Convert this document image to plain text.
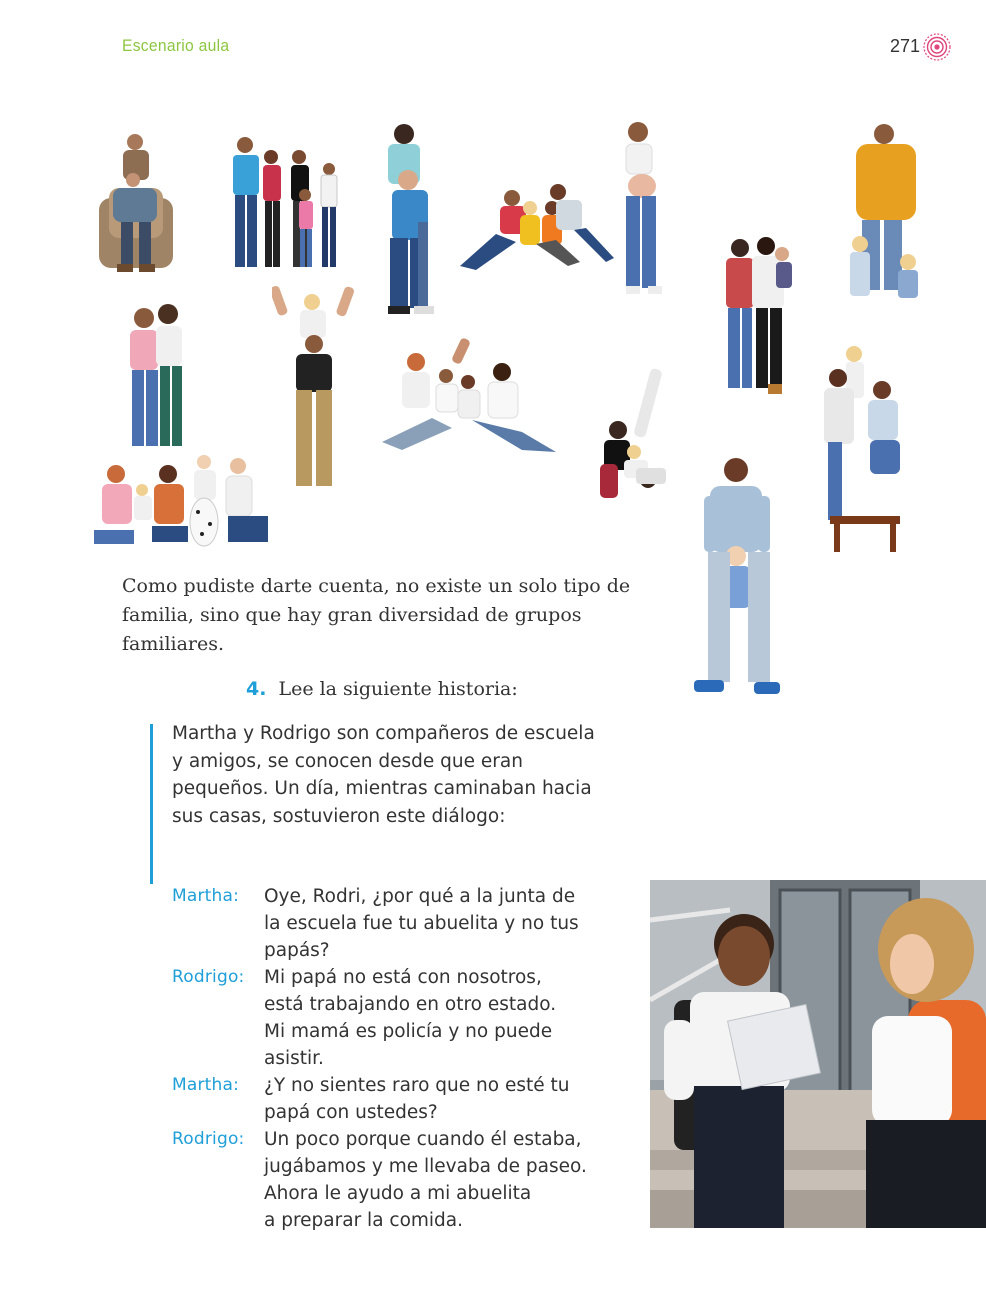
Escenario aula	271
Como pudiste darte cuenta, no existe un solo tipo de familia, sino que hay gran diversidad de grupos familiares.
4. Lee la siguiente historia:
Martha y Rodrigo son compañeros de escuela y amigos, se conocen desde que eran pequeños. Un día, mientras caminaban hacia sus casas, sostuvieron este diálogo:
Martha:	Oye, Rodri, ¿por qué a la junta de
la escuela fue tu abuelita y no tus
papás?
Rodrigo:	Mi papá no está con nosotros,
está trabajando en otro estado.
Mi mamá es policía y no puede
asistir.
Martha:	¿Y no sientes raro que no esté tu
papá con ustedes?
Rodrigo:	Un poco porque cuando él estaba,
jugábamos y me llevaba de paseo.
Ahora le ayudo a mi abuelita
a preparar la comida.
